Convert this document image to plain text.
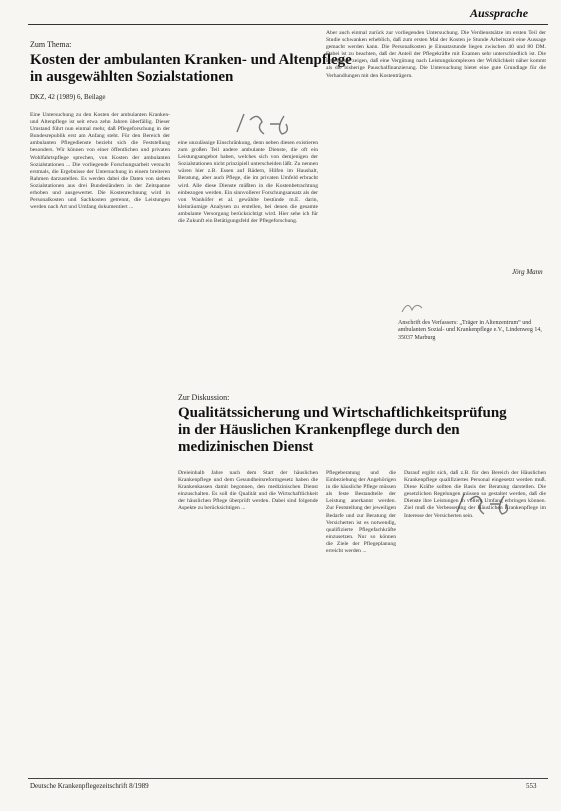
Aussprache
Zum Thema:
Kosten der ambulanten Kranken- und Altenpflege in ausgewählten Sozialstationen
DKZ, 42 (1989) 6, Beilage

Eine Untersuchung zu den Kosten der ambulanten Kranken- und Altenpflege ist seit etwa zehn Jahren überfällig. Dieser Umstand führt nun einmal mehr, daß Pflegeforschung in der Bundesrepublik erst am Anfang steht. Für den Bereich der ambulanten Pflegedienste bezieht sich die Feststellung besonders. Wir können von einer öffentlichen und privaten Wohlfahrtspflege sprechen, von Kosten der ambulanten Sozialstationen ... Die vorliegende Forschungsarbeit versucht erstmals, die Ergebnisse der Untersuchung in einem breiteren Rahmen darzustellen. Es werden dabei die Daten von sieben Sozialstationen aus drei Bundesländern in der Zeitspanne erhoben und ausgewertet. Die Kostenrechnung wird in Personalkosten und Sachkosten getrennt, die Leistungen werden nach Art und Umfang dokumentiert ...

eine unzulässige Einschränkung, denn neben diesen existieren zum großen Teil andere ambulante Dienste, die oft ein Leistungsangebot haben, welches sich von demjenigen der Sozialstationen nicht prinzipiell unterscheiden läßt. Zu nennen wären hier z.B. Essen auf Rädern, Hilfen im Haushalt, Beratung, aber auch Pflege, die im privaten Umfeld erbracht wird. Alle diese Dienste müßten in die Kostenbetrachtung einbezogen werden. Ein sinnvollerer Forschungsansatz als der von Wanhöfer et al. gewählte bestünde m.E. darin, kleinräumige Analysen zu erstellen, bei denen die gesamte ambulante Versorgung berücksichtigt wird. Hier sehe ich für die Zukunft ein Betätigungsfeld der Pflegeforschung.

Aber auch einmal zurück zur vorliegenden Untersuchung. Die Verdienstsätze im ersten Teil der Studie schwanken erheblich, daß zum ersten Mal der Kosten je Stunde Arbeitszeit eine Aussage gemacht werden kann. Die Personalkosten je Einsatzstunde liegen zwischen 40 und 80 DM. Dabei ist zu beachten, daß der Anteil der Pflegekräfte mit Examen sehr unterschiedlich ist. Die Ergebnisse zeigen, daß eine Vergütung nach Leistungskomplexen der Wirklichkeit näher kommt als die bisherige Pauschalfinanzierung. Die Untersuchung bietet eine gute Grundlage für die Verhandlungen mit den Kostenträgern.

Jörg Mann
Anschrift des Verfassers: „Träger in Altenzentrum“ und ambulanten Sozial- und Krankenpflege e.V., Lindenweg 14, 35037 Marburg
Zur Diskussion:
Qualitätssicherung und Wirtschaftlichkeitsprüfung in der Häuslichen Krankenpflege durch den medizinischen Dienst

Dreieinhalb Jahre nach dem Start der häuslichen Krankenpflege und dem Gesundheitsreformgesetz haben die Krankenkassen damit begonnen, den medizinischen Dienst einzuschalten. Es soll die Qualität und die Wirtschaftlichkeit der häuslichen Pflege überprüft werden. Dabei sind folgende Aspekte zu berücksichtigen ...

Pflegeberatung und die Einbeziehung der Angehörigen in die häusliche Pflege müssen als feste Bestandteile der Leistung anerkannt werden. Zur Feststellung der jeweiligen Bedarfe und zur Beratung der Versicherten ist es notwendig, qualifizierte Pflegefachkräfte einzusetzen. Nur so können die Ziele der Pflegeplanung erreicht werden ...

Darauf ergibt sich, daß z.B. für den Bereich der Häuslichen Krankenpflege qualifiziertes Personal eingesetzt werden muß. Diese Kräfte sollten die Basis der Beratung darstellen. Die gesetzlichen Regelungen müssen so gestaltet werden, daß die Dienste ihre Leistungen in vollem Umfang erbringen können. Ziel muß die Verbesserung der Häuslichen Krankenpflege im Interesse der Versicherten sein.

Deutsche Krankenpflegezeitschrift 8/1989	553
